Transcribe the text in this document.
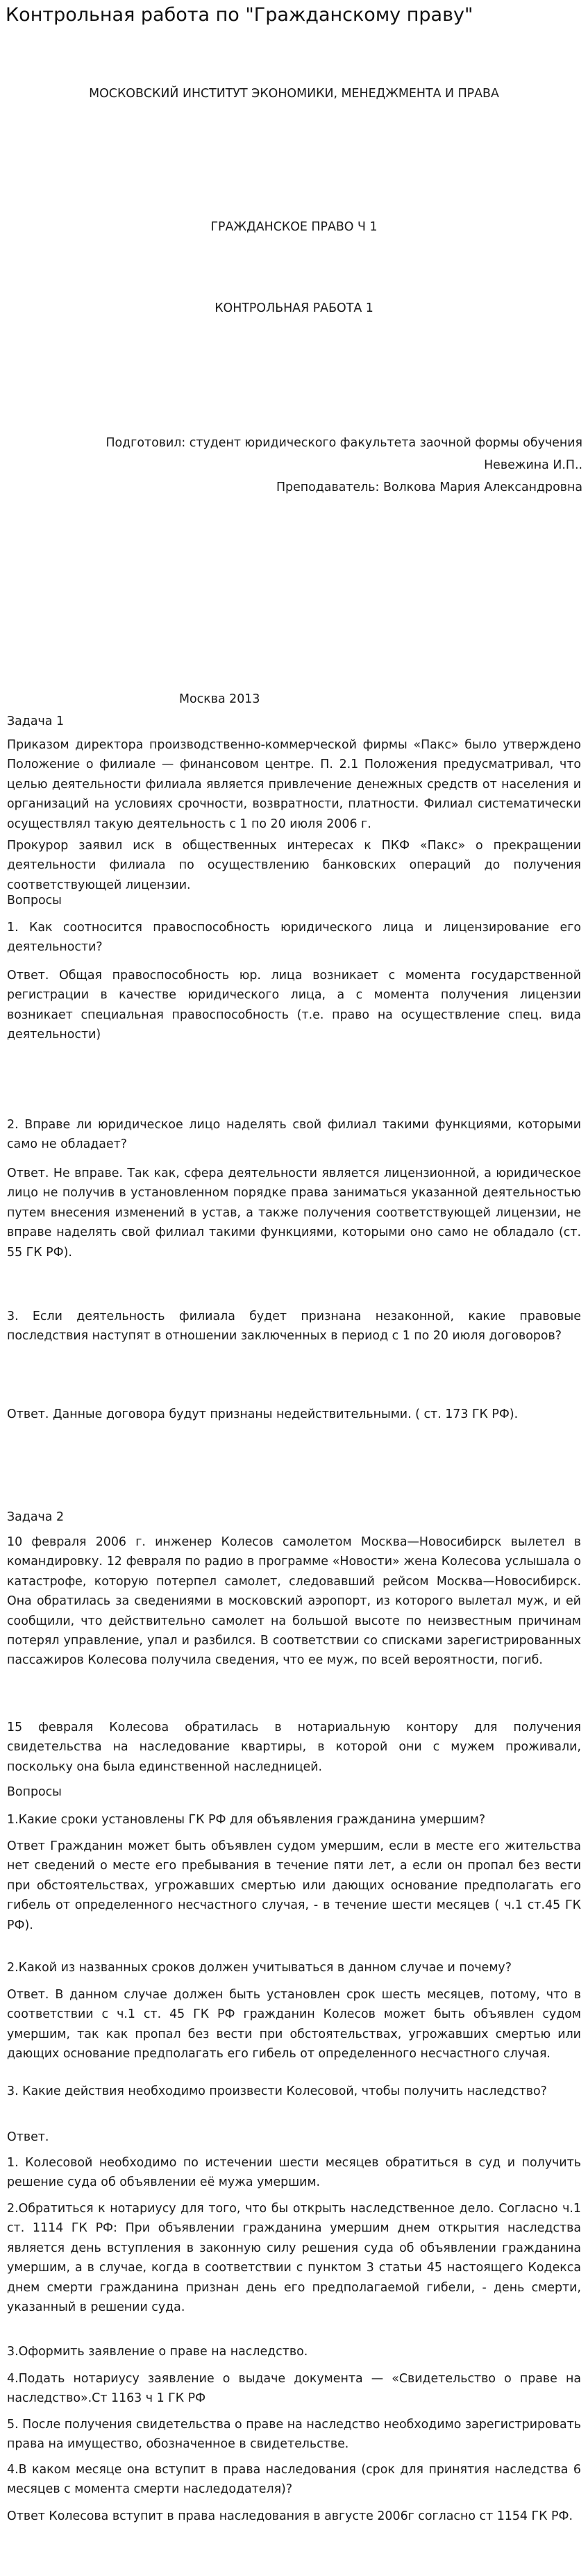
Контрольная работа по "Гражданскому праву"
МОСКОВСКИЙ ИНСТИТУТ ЭКОНОМИКИ, МЕНЕДЖМЕНТА И ПРАВА
ГРАЖДАНСКОЕ ПРАВО Ч 1
КОНТРОЛЬНАЯ РАБОТА 1
Подготовил: студент юридического факультета заочной формы обучения
Невежина И.П..
Преподаватель: Волкова Мария Александровна
Москва 2013
Задача 1
Приказом директора производственно-коммерческой фирмы «Пакс» было утверждено Положение о филиале — финансовом центре. П. 2.1 Положения предусматривал, что целью деятельности филиала является привлечение денежных средств от населения и организаций на условиях срочности, возвратности, платности. Филиал систематически осуществлял такую деятельность с 1 по 20 июля 2006 г.
Прокурор заявил иск в общественных интересах к ПКФ «Пакс» о прекращении деятельности филиала по осуществлению банковских операций до получения соответствующей лицензии.
Вопросы
1. Как соотносится правоспособность юридического лица и лицензирование его деятельности?
Ответ. Общая правоспособность юр. лица возникает с момента государственной регистрации в качестве юридического лица, а с момента получения лицензии возникает специальная правоспособность (т.е. право на осуществление спец. вида деятельности)
2. Вправе ли юридическое лицо наделять свой филиал такими функциями, которыми само не обладает?
Ответ. Не вправе. Так как, сфера деятельности является лицензионной, а юридическое лицо не получив в установленном порядке права заниматься указанной деятельностью путем внесения изменений в устав, а также получения соответствующей лицензии, не вправе наделять свой филиал такими функциями, которыми оно само не обладало (ст. 55 ГК РФ).
3. Если деятельность филиала будет признана незаконной, какие правовые последствия наступят в отношении заключенных в период с 1 по 20 июля договоров?
Ответ. Данные договора будут признаны недействительными. ( ст. 173 ГК РФ).
Задача 2
10 февраля 2006 г. инженер Колесов самолетом Москва—Новосибирск вылетел в командировку. 12 февраля по радио в программе «Новости» жена Колесова услышала о катастрофе, которую потерпел самолет, следовавший рейсом Москва—Новосибирск. Она обратилась за сведениями в московский аэропорт, из которого вылетал муж, и ей сообщили, что действительно самолет на большой высоте по неизвестным причинам потерял управление, упал и разбился. В соответствии со списками зарегистрированных пассажиров Колесова получила сведения, что ее муж, по всей вероятности, погиб.
15 февраля Колесова обратилась в нотариальную контору для получения свидетельства на наследование квартиры, в которой они с мужем проживали, поскольку она была единственной наследницей.
Вопросы
1.Какие сроки установлены ГК РФ для объявления гражданина умершим?
Ответ Гражданин может быть объявлен судом умершим, если в месте его жительства нет сведений о месте его пребывания в течение пяти лет, а если он пропал без вести при обстоятельствах, угрожавших смертью или дающих основание предполагать его гибель от определенного несчастного случая, - в течение шести месяцев ( ч.1 ст.45 ГК РФ).
2.Какой из названных сроков должен учитываться в данном случае и почему?
Ответ. В данном случае должен быть установлен срок шесть месяцев, потому, что в соответствии с ч.1 ст. 45 ГК РФ гражданин Колесов может быть объявлен судом умершим, так как пропал без вести при обстоятельствах, угрожавших смертью или дающих основание предполагать его гибель от определенного несчастного случая.
3. Какие действия необходимо произвести Колесовой, чтобы получить наследство?
Ответ.
1. Колесовой необходимо по истечении шести месяцев обратиться в суд и получить решение суда об объявлении её мужа умершим.
2.Обратиться к нотариусу для того, что бы открыть наследственное дело. Согласно ч.1 ст. 1114 ГК РФ: При объявлении гражданина умершим днем открытия наследства является день вступления в законную силу решения суда об объявлении гражданина умершим, а в случае, когда в соответствии с пунктом 3 статьи 45 настоящего Кодекса днем смерти гражданина признан день его предполагаемой гибели, - день смерти, указанный в решении суда.
3.Оформить заявление о праве на наследство.
4.Подать нотариусу заявление о выдаче документа — «Свидетельство о праве на наследство».Ст 1163 ч 1 ГК РФ
5. После получения свидетельства о праве на наследство необходимо зарегистрировать права на имущество, обозначенное в свидетельстве.
4.В каком месяце она вступит в права наследования (срок для принятия наследства 6 месяцев с момента смерти наследодателя)?
Ответ Колесова вступит в права наследования в августе 2006г согласно ст 1154 ГК РФ.
